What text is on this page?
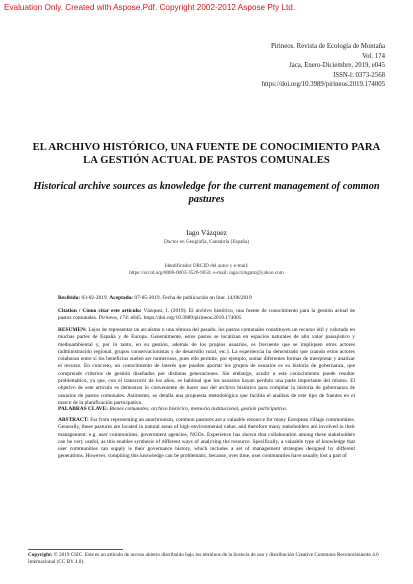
Evaluation Only. Created with Aspose.Pdf. Copyright 2002-2012 Aspose Pty Ltd.
Pirineos. Revista de Ecología de Montaña
Vol. 174
Jaca, Enero-Diciembre, 2019, e045
ISSN-l: 0373-2568
https://doi.org/10.3989/pirineos.2019.174005
EL ARCHIVO HISTÓRICO, UNA FUENTE DE CONOCIMIENTO PARA LA GESTIÓN ACTUAL DE PASTOS COMUNALES
Historical archive sources as knowledge for the current management of common pastures
Iago Vázquez
Doctor en Geografía, Cantabria (España)
Identificador ORCID del autor y e-mail:
https://orcid.org/0000-0003-3526-9650. e-mail: iago.txingatz@yahoo.com
Recibido: 03-02-2019. Aceptado: 07-05-2019. Fecha de publicación on line: 14/06/2019
Citation / Cómo citar este artículo: Vázquez, I. (2019). El archivo histórico, una fuente de conocimiento para la gestión actual de pastos comunales. Pirineos, 174: e045. https://doi.org/10.3989/pirineos.2019.174005
RESUMEN: Lejos de representar un arcaísmo o una rémora del pasado, los pastos comunales constituyen un recurso útil y valorado en muchas partes de España y de Europa. Generalmente, estos pastos se localizan en espacios naturales de alto valor paisajístico y medioambiental y, por lo tanto, en su gestión, además de los propios usuarios, es frecuente que se impliquen otros actores (administración regional, grupos conservacionistas y de desarrollo rural, etc.). La experiencia ha demostrado que cuando estos actores colaboran entre sí los beneficios suelen ser numerosos, pues ello permite, por ejemplo, sumar diferentes formas de interpretar y analizar el recurso. En concreto, un conocimiento de interés que pueden aportar los grupos de usuarios es su historia de gobernanza, que comprende criterios de gestión diseñados por distintas generaciones. Sin embargo, acudir a este conocimiento puede resultar problemático, ya que, con el transcurrir de los años, es habitual que los usuarios hayan perdido una parte importante del mismo. El objetivo de este artículo es demostrar lo conveniente de hacer uso del archivo histórico para compilar la historia de gobernanza de usuarios de pastos comunales. Asimismo, se detalla una propuesta metodológica que facilita el análisis de este tipo de fuentes en el marco de la planificación participativa.
PALABRAS CLAVE: Bienes comunales; archivo histórico, memoria institucional, gestión participativa.
ABSTRACT: Far from representing an anachronism, common pastures are a valuable resource for many European village communities. Generally, these pastures are located in natural areas of high environmental value, and therefore many stakeholders are involved in their management: e.g. user communities, government agencies, NGOs. Experience has shown that collaboration among these stakeholders can be very useful, as this enables synthesis of different ways of analyzing the resource. Specifically, a valuable type of knowledge that user communities can supply is their governance history, which includes a set of management strategies designed by different generations. However, compiling this knowledge can be problematic, because, over time, user communities have usually lost a part of
Copyright: © 2019 CSIC. Este es un artículo de acceso abierto distribuido bajo los términos de la licencia de uso y distribución Creative Commons Reconocimiento 4.0 Internacional (CC BY 4.0).
